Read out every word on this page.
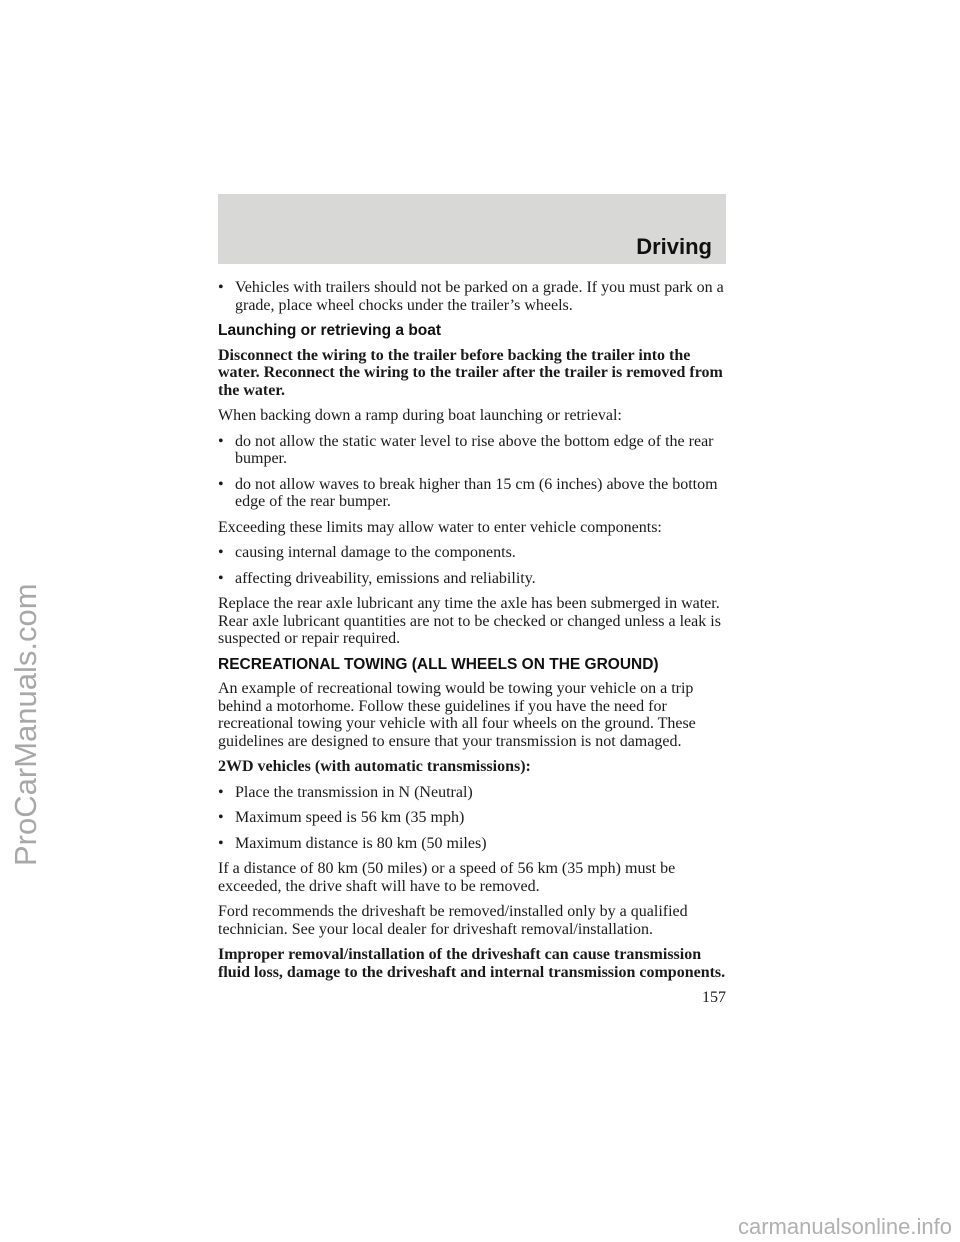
Driving
• Vehicles with trailers should not be parked on a grade. If you must park on a grade, place wheel chocks under the trailer’s wheels.
Launching or retrieving a boat

Disconnect the wiring to the trailer before backing the trailer into the water. Reconnect the wiring to the trailer after the trailer is removed from the water.

When backing down a ramp during boat launching or retrieval:

• do not allow the static water level to rise above the bottom edge of the rear bumper.
• do not allow waves to break higher than 15 cm (6 inches) above the bottom edge of the rear bumper.

Exceeding these limits may allow water to enter vehicle components:

• causing internal damage to the components.
• affecting driveability, emissions and reliability.

Replace the rear axle lubricant any time the axle has been submerged in water. Rear axle lubricant quantities are not to be checked or changed unless a leak is suspected or repair required.

RECREATIONAL TOWING (ALL WHEELS ON THE GROUND)

An example of recreational towing would be towing your vehicle on a trip behind a motorhome. Follow these guidelines if you have the need for recreational towing your vehicle with all four wheels on the ground. These guidelines are designed to ensure that your transmission is not damaged.

2WD vehicles (with automatic transmissions):

• Place the transmission in N (Neutral)
• Maximum speed is 56 km (35 mph)
• Maximum distance is 80 km (50 miles)

If a distance of 80 km (50 miles) or a speed of 56 km (35 mph) must be exceeded, the drive shaft will have to be removed.

Ford recommends the driveshaft be removed/installed only by a qualified technician. See your local dealer for driveshaft removal/installation.

Improper removal/installation of the driveshaft can cause transmission fluid loss, damage to the driveshaft and internal transmission components.

157
ProCarManuals.com
carmanualsonline.info
